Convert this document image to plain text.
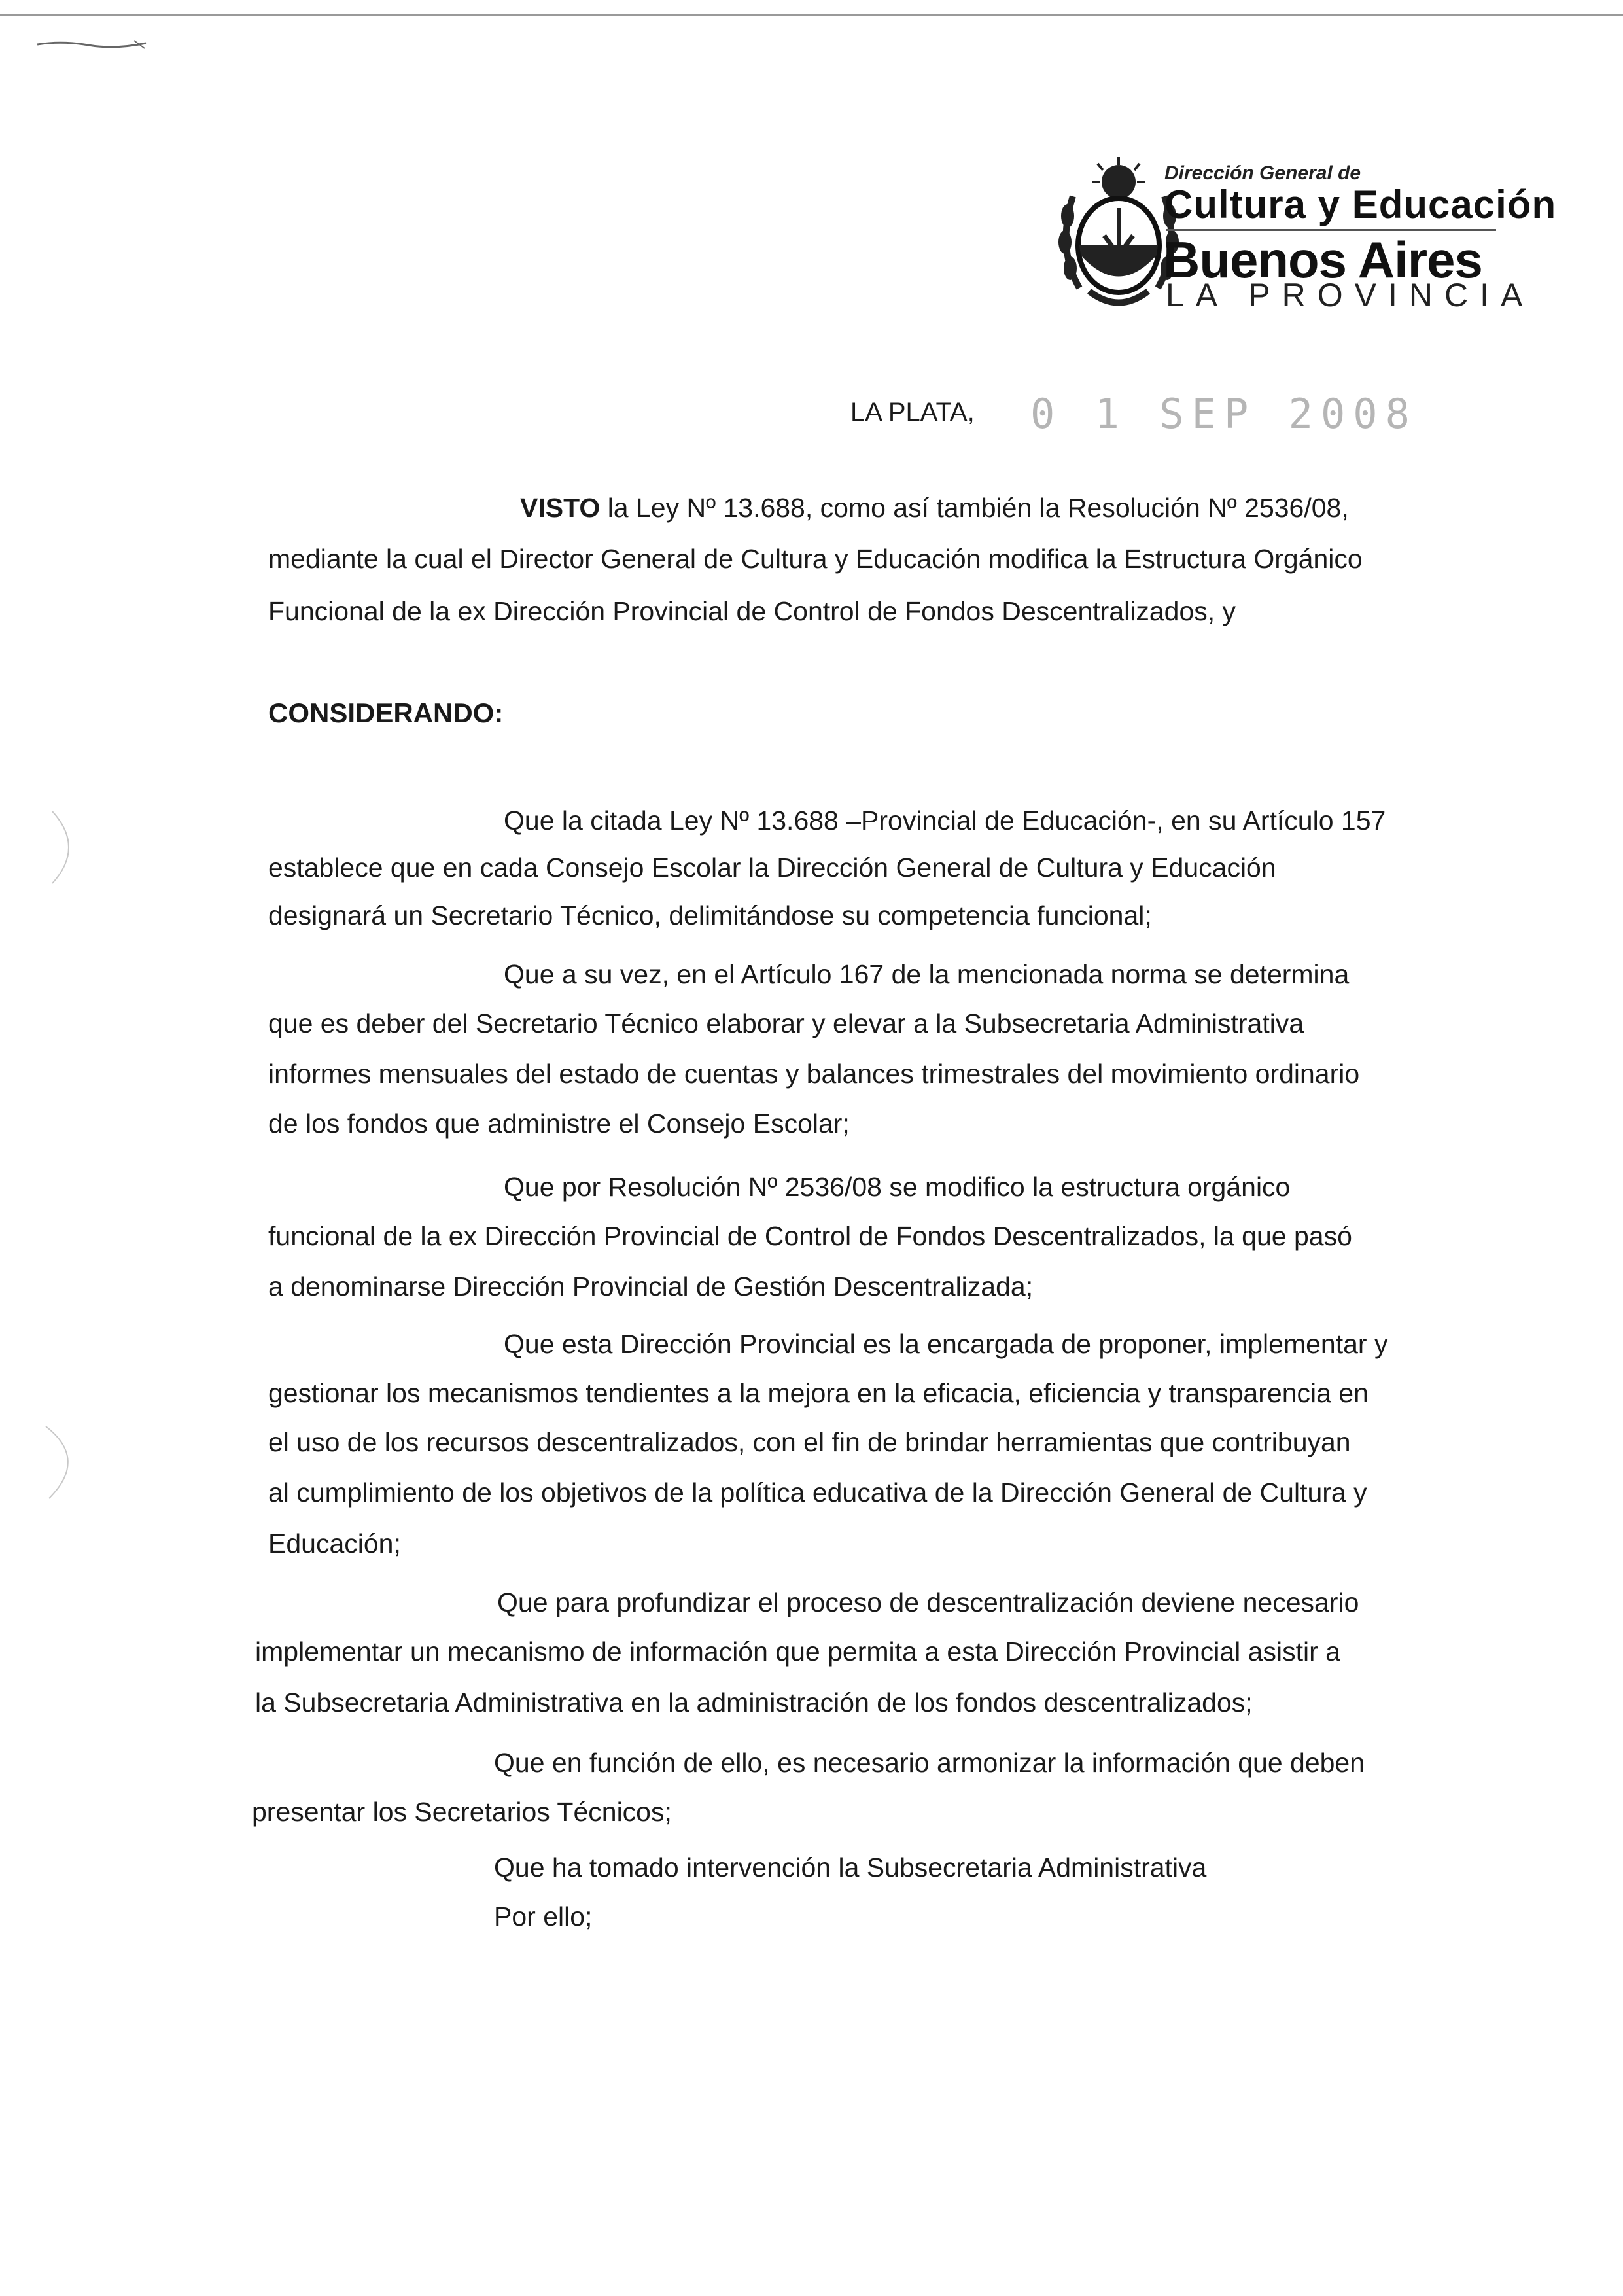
Dirección General de
Cultura y Educación
Buenos Aires
LA PROVINCIA
LA PLATA, 0 1 SEP 2008
VISTO la Ley Nº 13.688, como así también la Resolución Nº 2536/08,
mediante la cual el Director General de Cultura y Educación modifica la Estructura Orgánico
Funcional de la ex Dirección Provincial de Control de Fondos Descentralizados, y
CONSIDERANDO:
Que la citada Ley Nº 13.688 –Provincial de Educación-, en su Artículo 157
establece que en cada Consejo Escolar la Dirección General de Cultura y Educación
designará un Secretario Técnico, delimitándose su competencia funcional;
Que a su vez, en el Artículo 167 de la mencionada norma se determina
que es deber del Secretario Técnico elaborar y elevar a la Subsecretaria Administrativa
informes mensuales del estado de cuentas y balances trimestrales del movimiento ordinario
de los fondos que administre el Consejo Escolar;
Que por Resolución Nº 2536/08 se modifico la estructura orgánico
funcional de la ex Dirección Provincial de Control de Fondos Descentralizados, la que pasó
a denominarse Dirección Provincial de Gestión Descentralizada;
Que esta Dirección Provincial es la encargada de proponer, implementar y
gestionar los mecanismos tendientes a la mejora en la eficacia, eficiencia y transparencia en
el uso de los recursos descentralizados, con el fin de brindar herramientas que contribuyan
al cumplimiento de los objetivos de la política educativa de la Dirección General de Cultura y
Educación;
Que para profundizar el proceso de descentralización deviene necesario
implementar un mecanismo de información que permita a esta Dirección Provincial asistir a
la Subsecretaria Administrativa en la administración de los fondos descentralizados;
Que en función de ello, es necesario armonizar la información que deben
presentar los Secretarios Técnicos;
Que ha tomado intervención la Subsecretaria Administrativa
Por ello;
